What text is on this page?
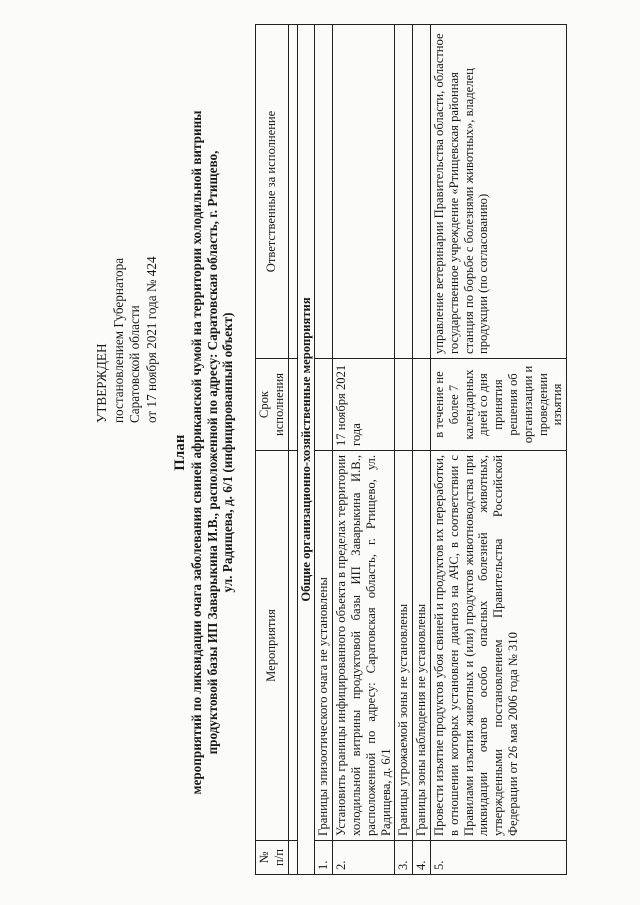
УТВЕРЖДЕН постановлением Губернатора Саратовской области от 17 ноября 2021 года № 424
План мероприятий по ликвидации очага заболевания свиней африканской чумой на территории холодильной витрины продуктовой базы ИП Заварыкина И.В., расположенной по адресу: Саратовская область, г. Ртищево, ул. Радищева, д. 6/1 (инфицированный объект)
№ п/п	Мероприятия	Срок исполнения	Ответственные за исполнение

Общие организационно-хозяйственные мероприятия			
1.	Границы эпизоотического очага не установлены		
2.	Установить границы инфицированного объекта в пределах территории холодильной витрины продуктовой базы ИП Заварыкина И.В., расположенной по адресу: Саратовская область, г. Ртищево, ул. Радищева, д. 6/1	17 ноября 2021 года	
3.	Границы угрожаемой зоны не установлены		
4.	Границы зоны наблюдения не установлены		
5.	Провести изъятие продуктов убоя свиней и продуктов их переработки, в отношении которых установлен диагноз на АЧС, в соответствии с Правилами изъятия животных и (или) продуктов животноводства при ликвидации очагов особо опасных болезней животных, утвержденными постановлением Правительства Российской Федерации от 26 мая 2006 года № 310	в течение не более 7 календарных дней со дня принятия решения об организации и проведении изъятия	управление ветеринарии Правительства области, областное государственное учреждение «Ртищевская районная станция по борьбе с болезнями животных», владелец продукции (по согласованию)
